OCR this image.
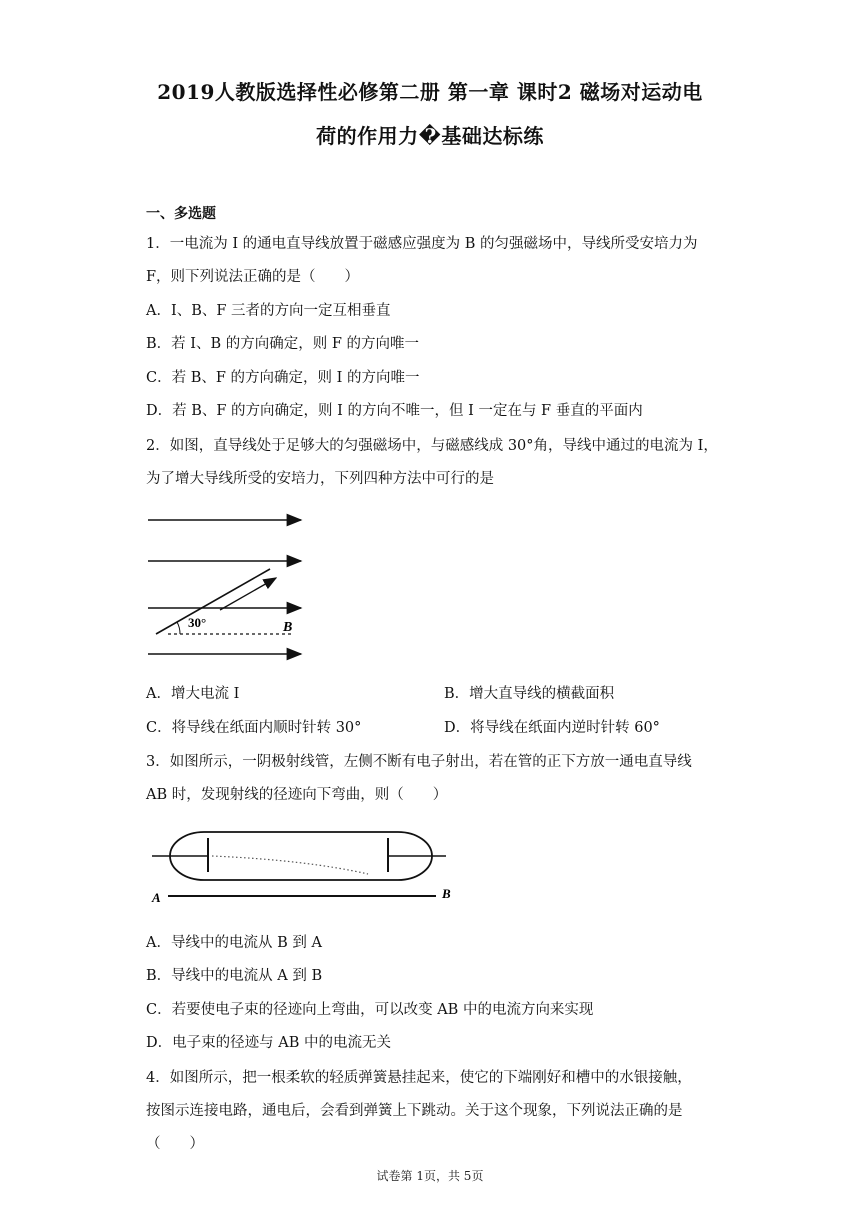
2019人教版选择性必修第二册 第一章 课时2 磁场对运动电
荷的作用力�基础达标练
一、多选题
1．一电流为 I 的通电直导线放置于磁感应强度为 B 的匀强磁场中，导线所受安培力为
F，则下列说法正确的是（　　）
A．I、B、F 三者的方向一定互相垂直
B．若 I、B 的方向确定，则 F 的方向唯一
C．若 B、F 的方向确定，则 I 的方向唯一
D．若 B、F 的方向确定，则 I 的方向不唯一，但 I 一定在与 F 垂直的平面内
2．如图，直导线处于足够大的匀强磁场中，与磁感线成 30°角，导线中通过的电流为 I，
为了增大导线所受的安培力，下列四种方法中可行的是
30°	B
A．增大电流 I	B．增大直导线的横截面积
C．将导线在纸面内顺时针转 30°	D．将导线在纸面内逆时针转 60°
3．如图所示，一阴极射线管，左侧不断有电子射出，若在管的正下方放一通电直导线
AB 时，发现射线的径迹向下弯曲，则（　　）
A	B
A．导线中的电流从 B 到 A
B．导线中的电流从 A 到 B
C．若要使电子束的径迹向上弯曲，可以改变 AB 中的电流方向来实现
D．电子束的径迹与 AB 中的电流无关
4．如图所示，把一根柔软的轻质弹簧悬挂起来，使它的下端刚好和槽中的水银接触，
按图示连接电路，通电后，会看到弹簧上下跳动。关于这个现象，下列说法正确的是
（　　）
试卷第 1页，共 5页
